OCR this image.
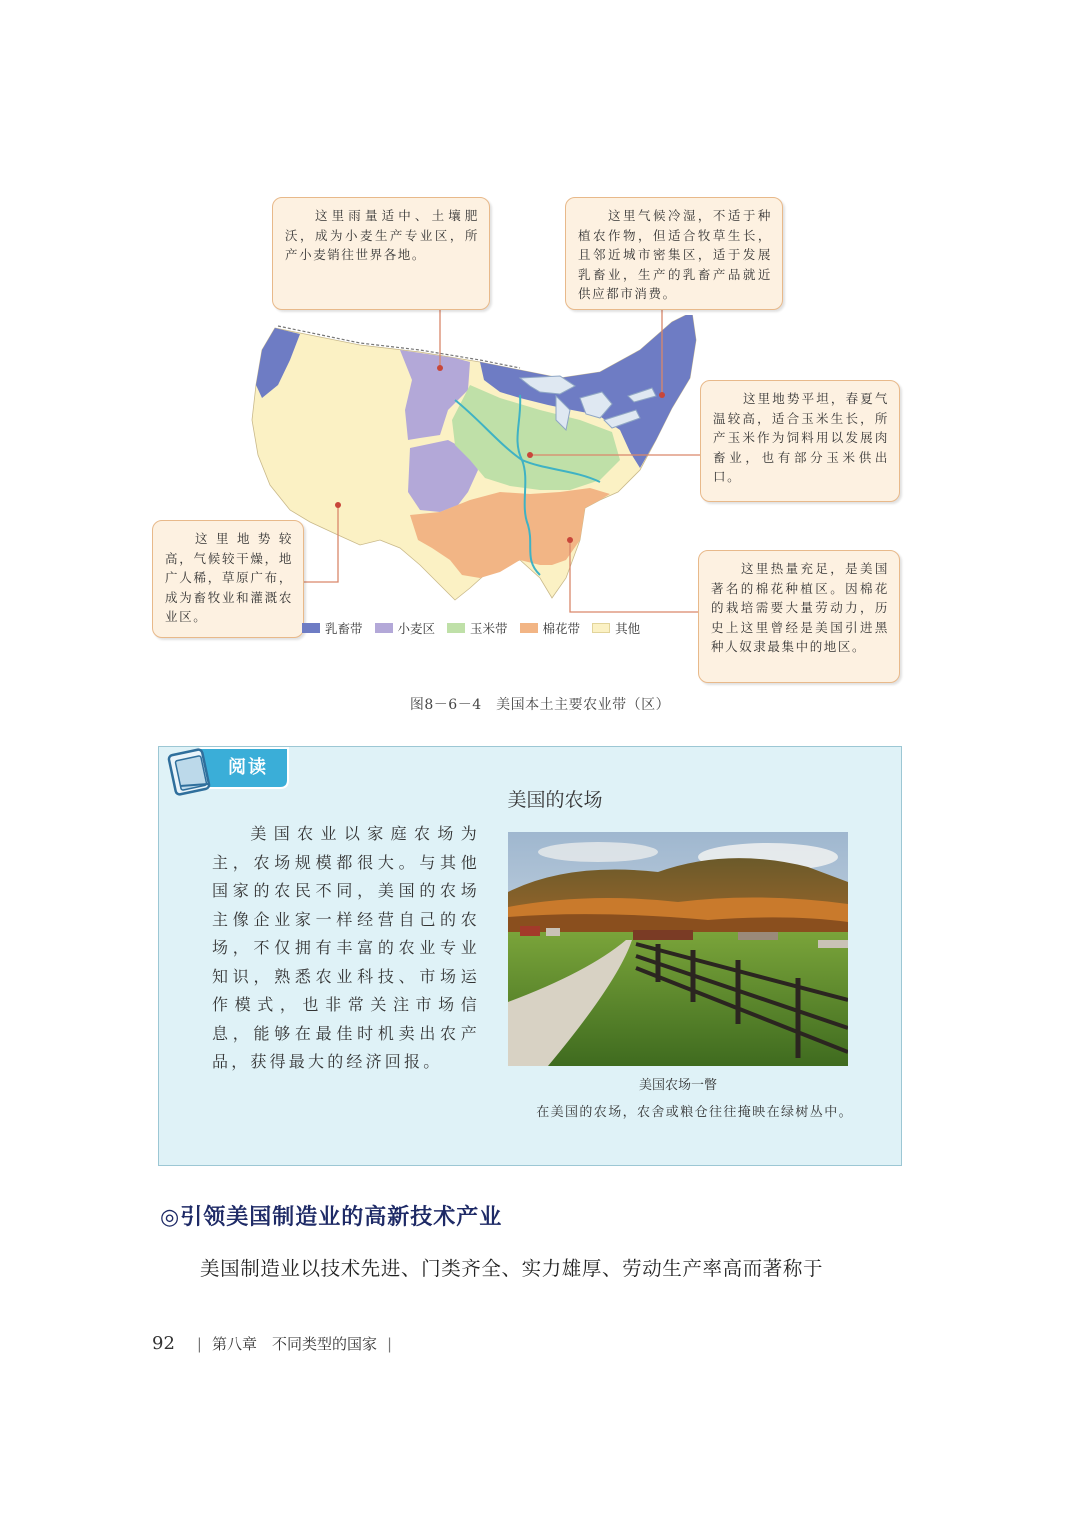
这里雨量适中、土壤肥沃，成为小麦生产专业区，所产小麦销往世界各地。

这里气候冷湿，不适于种植农作物，但适合牧草生长，且邻近城市密集区，适于发展乳畜业，生产的乳畜产品就近供应都市消费。

这里地势平坦，春夏气温较高，适合玉米生长，所产玉米作为饲料用以发展肉畜业，也有部分玉米供出口。

这里地势较高，气候较干燥，地广人稀，草原广布，成为畜牧业和灌溉农业区。

这里热量充足，是美国著名的棉花种植区。因棉花的栽培需要大量劳动力，历史上这里曾经是美国引进黑种人奴隶最集中的地区。

乳畜带	小麦区	玉米带	棉花带	其他
图8－6－4　美国本土主要农业带（区）
阅读
美国的农场

美国农业以家庭农场为主，农场规模都很大。与其他国家的农民不同，美国的农场主像企业家一样经营自己的农场，不仅拥有丰富的农业专业知识，熟悉农业科技、市场运作模式，也非常关注市场信息，能够在最佳时机卖出农产品，获得最大的经济回报。

美国农场一瞥

在美国的农场，农舍或粮仓往往掩映在绿树丛中。

◎引领美国制造业的高新技术产业
美国制造业以技术先进、门类齐全、实力雄厚、劳动生产率高而著称于
92 | 第八章　不同类型的国家 |
